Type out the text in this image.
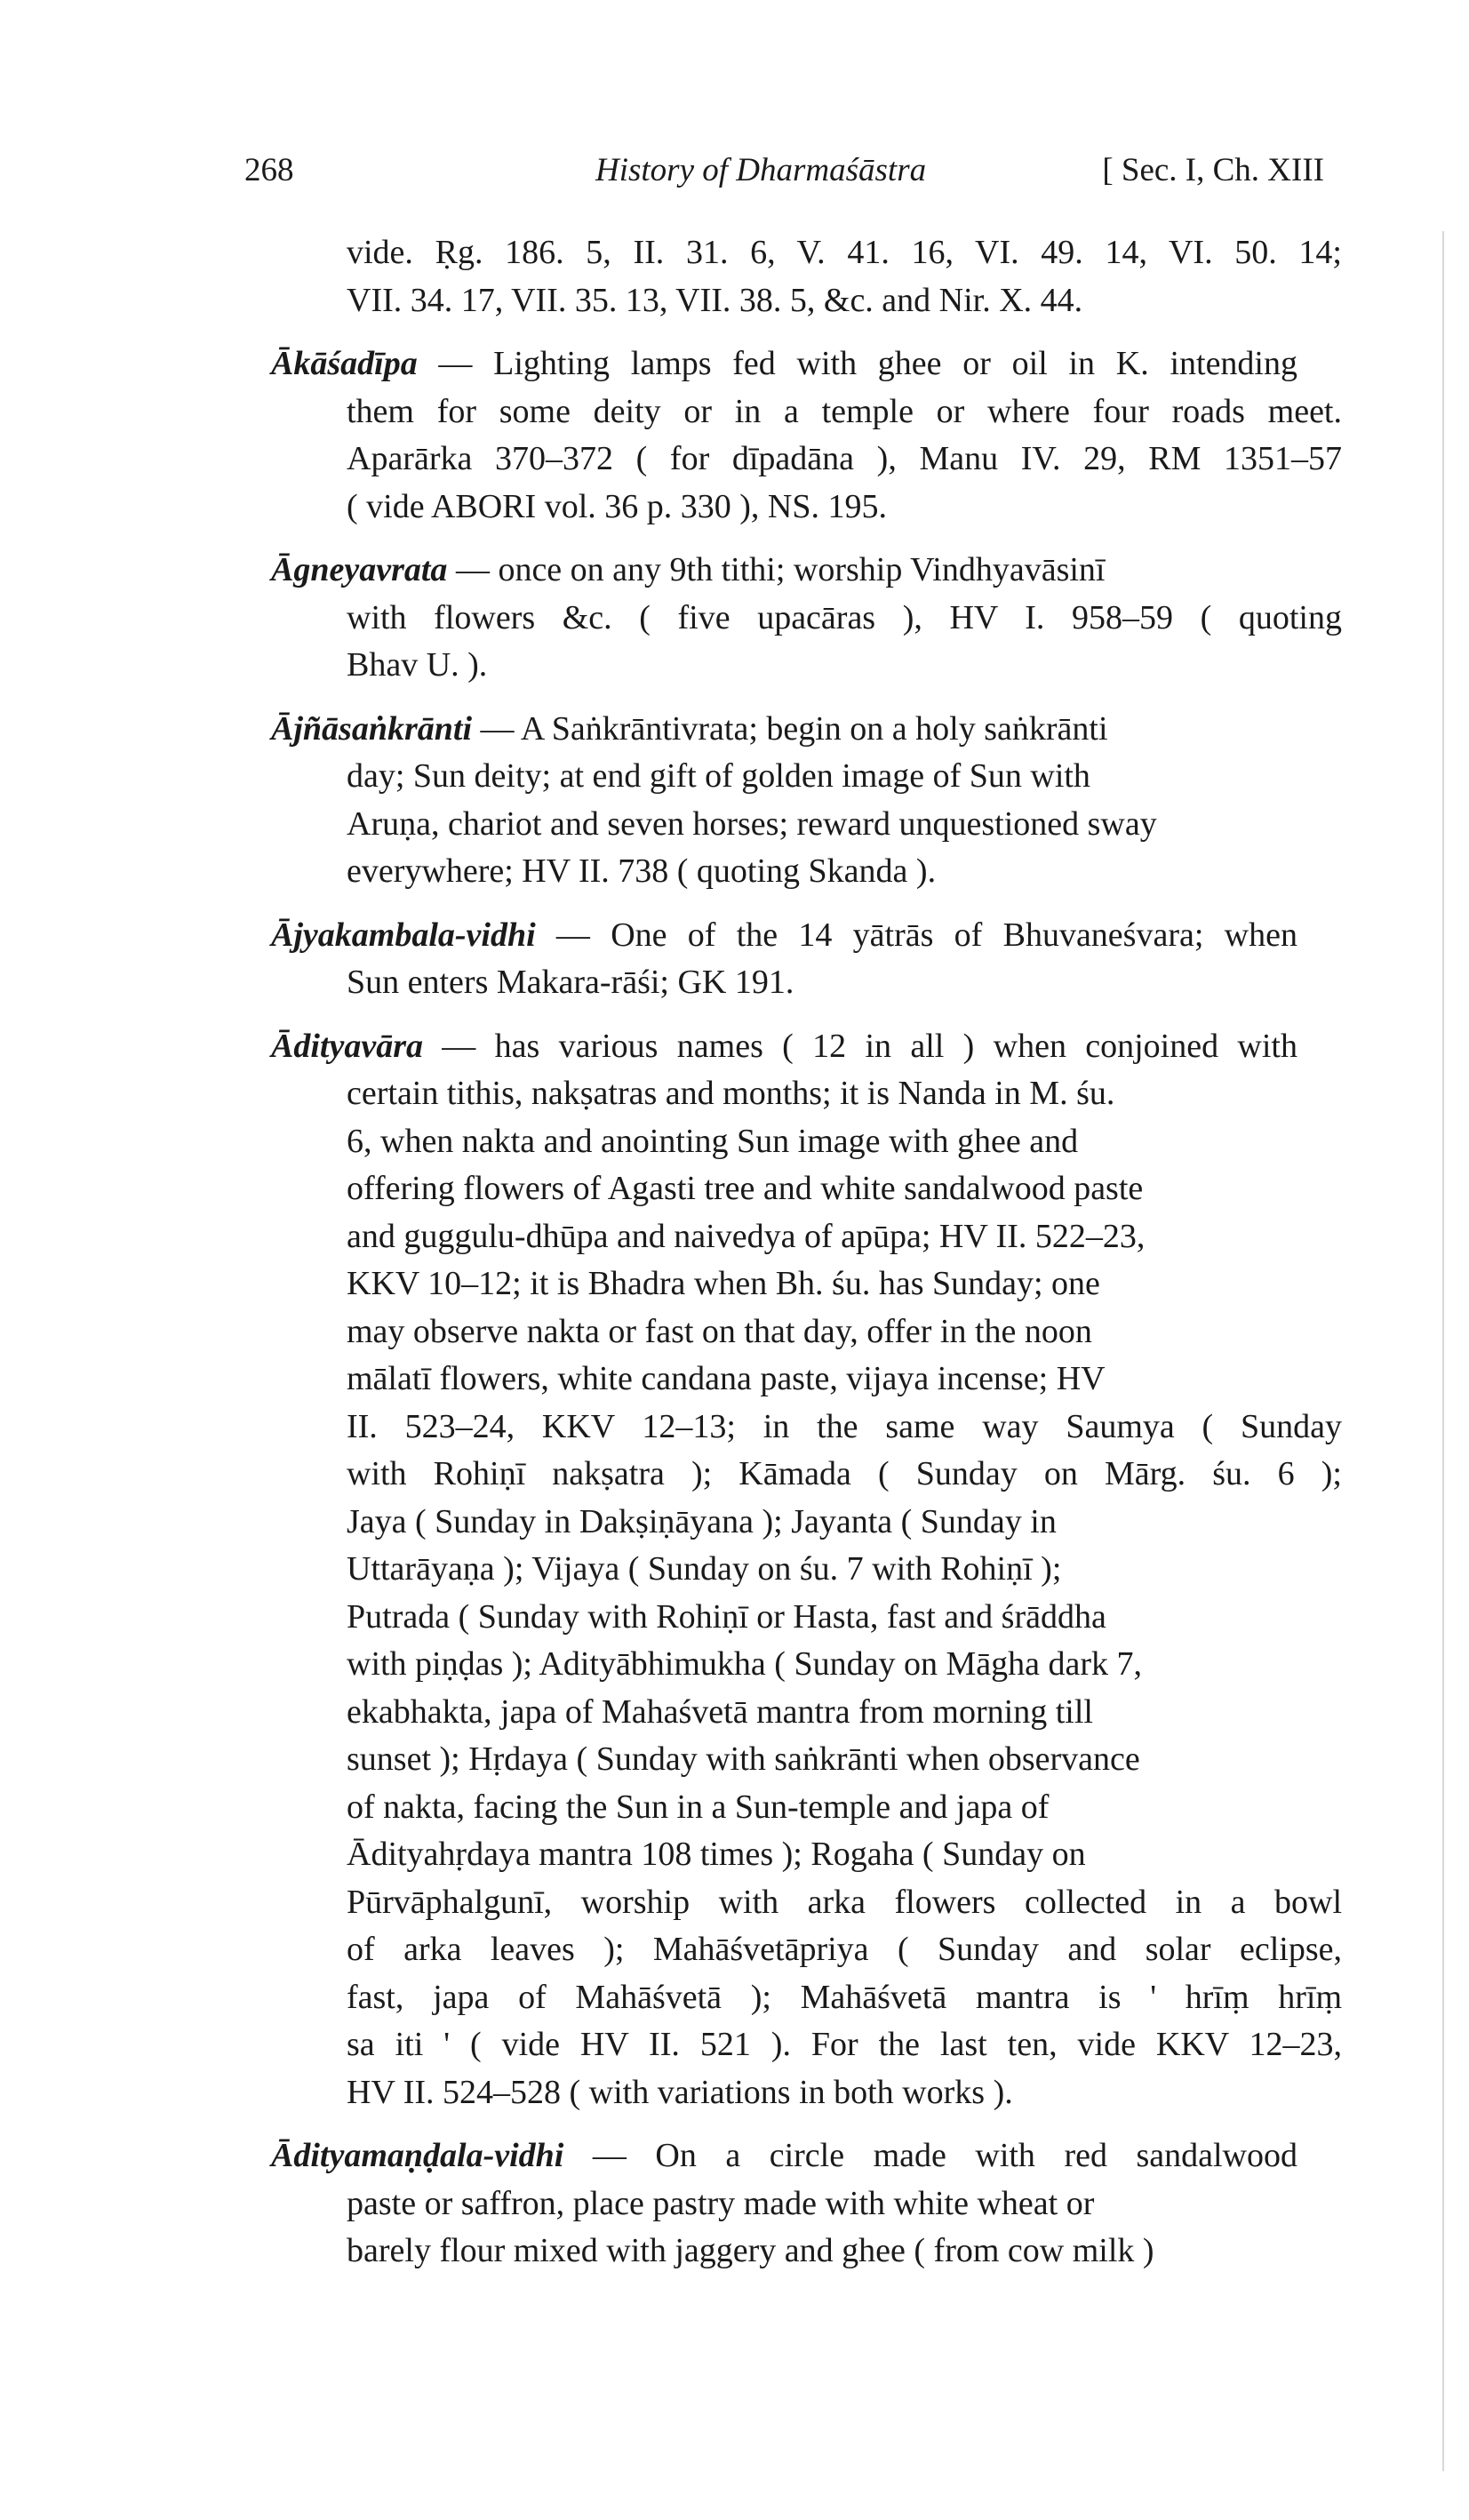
268	History of Dharmaśāstra	[ Sec. I, Ch. XIII
vide. Ṛg. 186. 5, II. 31. 6, V. 41. 16, VI. 49. 14, VI. 50. 14;
VII. 34. 17, VII. 35. 13, VII. 38. 5, &c. and Nir. X. 44.
Ākāśadīpa — Lighting lamps fed with ghee or oil in K. intending
them for some deity or in a temple or where four roads meet.
Aparārka 370–372 ( for dīpadāna ), Manu IV. 29, RM 1351–57
( vide ABORI vol. 36 p. 330 ), NS. 195.
Āgneyavrata — once on any 9th tithi; worship Vindhyavāsinī
with flowers &c. ( five upacāras ), HV I. 958–59 ( quoting
Bhav U. ).
Ājñāsaṅkrānti — A Saṅkrāntivrata; begin on a holy saṅkrānti
day; Sun deity; at end gift of golden image of Sun with
Aruṇa, chariot and seven horses; reward unquestioned sway
everywhere; HV II. 738 ( quoting Skanda ).
Ājyakambala-vidhi — One of the 14 yātrās of Bhuvaneśvara; when
Sun enters Makara-rāśi; GK 191.
Ādityavāra — has various names ( 12 in all ) when conjoined with
certain tithis, nakṣatras and months; it is Nanda in M. śu.
6, when nakta and anointing Sun image with ghee and
offering flowers of Agasti tree and white sandalwood paste
and guggulu-dhūpa and naivedya of apūpa; HV II. 522–23,
KKV 10–12; it is Bhadra when Bh. śu. has Sunday; one
may observe nakta or fast on that day, offer in the noon
mālatī flowers, white candana paste, vijaya incense; HV
II. 523–24, KKV 12–13; in the same way Saumya ( Sunday
with Rohiṇī nakṣatra ); Kāmada ( Sunday on Mārg. śu. 6 );
Jaya ( Sunday in Dakṣiṇāyana ); Jayanta ( Sunday in
Uttarāyaṇa ); Vijaya ( Sunday on śu. 7 with Rohiṇī );
Putrada ( Sunday with Rohiṇī or Hasta, fast and śrāddha
with piṇḍas ); Adityābhimukha ( Sunday on Māgha dark 7,
ekabhakta, japa of Mahaśvetā mantra from morning till
sunset ); Hṛdaya ( Sunday with saṅkrānti when observance
of nakta, facing the Sun in a Sun-temple and japa of
Ādityahṛdaya mantra 108 times ); Rogaha ( Sunday on
Pūrvāphalgunī, worship with arka flowers collected in a bowl
of arka leaves ); Mahāśvetāpriya ( Sunday and solar eclipse,
fast, japa of Mahāśvetā ); Mahāśvetā mantra is ' hrīṃ hrīṃ
sa iti ' ( vide HV II. 521 ). For the last ten, vide KKV 12–23,
HV II. 524–528 ( with variations in both works ).
Ādityamaṇḍala-vidhi — On a circle made with red sandalwood
paste or saffron, place pastry made with white wheat or
barely flour mixed with jaggery and ghee ( from cow milk )
